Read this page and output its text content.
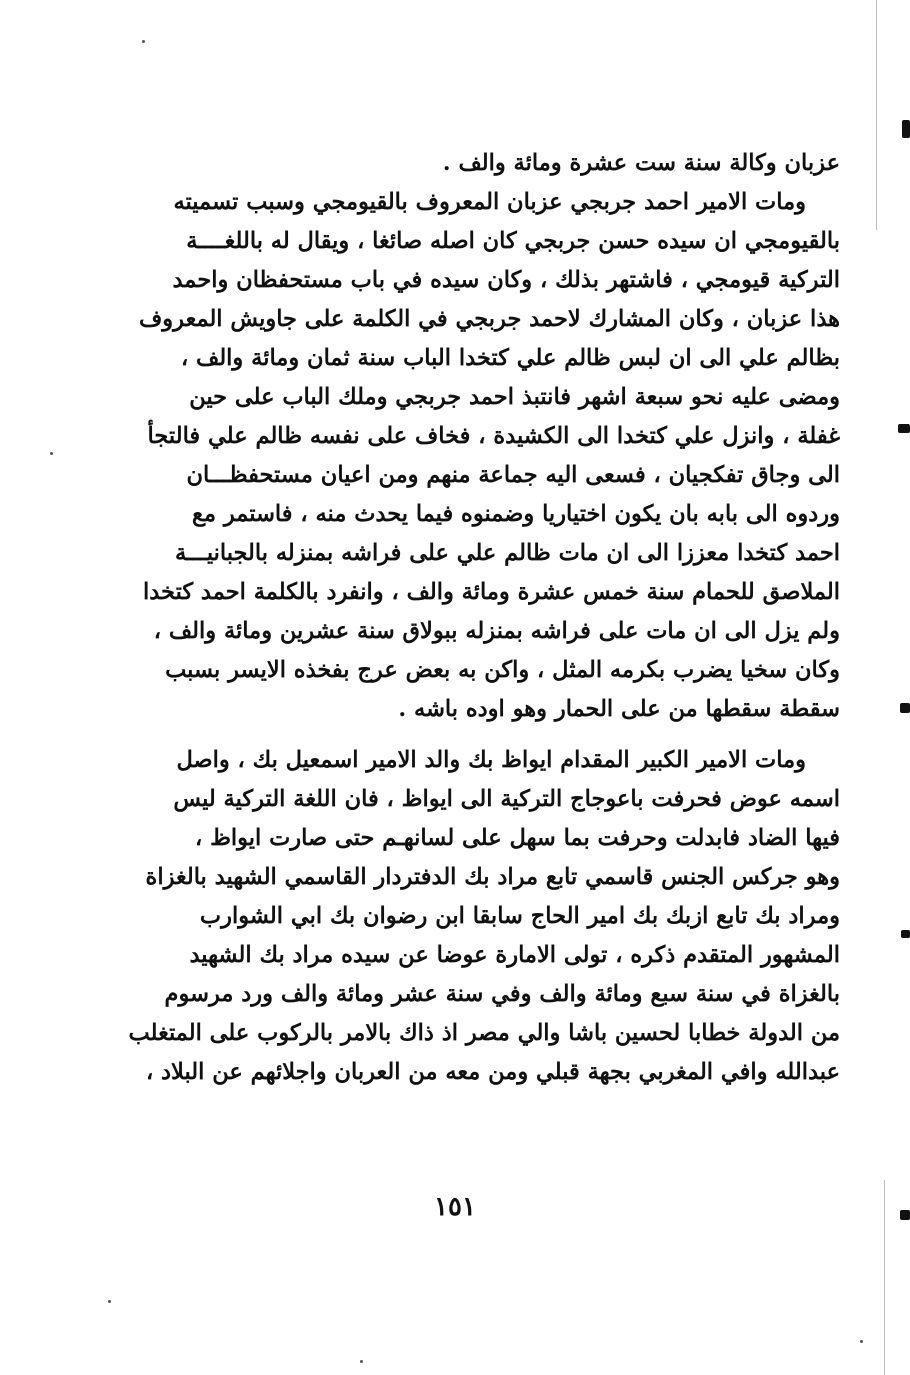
عزبان وكالة سنة ست عشرة ومائة والف .
ومات الامير احمد جربجي عزبان المعروف بالقيومجي وسبب تسميته
بالقيومجي ان سيده حسن جربجي كان اصله صائغا ، ويقال له باللغــــة
التركية قيومجي ، فاشتهر بذلك ، وكان سيده في باب مستحفظان واحمد
هذا عزبان ، وكان المشارك لاحمد جربجي في الكلمة على جاويش المعروف
بظالم علي الى ان لبس ظالم علي كتخدا الباب سنة ثمان ومائة والف ،
ومضى عليه نحو سبعة اشهر فانتبذ احمد جربجي وملك الباب على حين
غفلة ، وانزل علي كتخدا الى الكشيدة ، فخاف على نفسه ظالم علي فالتجأ
الى وجاق تفكجيان ، فسعى اليه جماعة منهم ومن اعيان مستحفظـــان
وردوه الى بابه بان يكون اختياريا وضمنوه فيما يحدث منه ، فاستمر مع
احمد كتخدا معززا الى ان مات ظالم علي على فراشه بمنزله بالجبانيـــة
الملاصق للحمام سنة خمس عشرة ومائة والف ، وانفرد بالكلمة احمد كتخدا
ولم يزل الى ان مات على فراشه بمنزله ببولاق سنة عشرين ومائة والف ،
وكان سخيا يضرب بكرمه المثل ، واكن به بعض عرج بفخذه الايسر بسبب
سقطة سقطها من على الحمار وهو اوده باشه .
ومات الامير الكبير المقدام ايواظ بك والد الامير اسمعيل بك ، واصل
اسمه عوض فحرفت باعوجاج التركية الى ايواظ ، فان اللغة التركية ليس
فيها الضاد فابدلت وحرفت بما سهل على لسانهـم حتى صارت ايواظ ،
وهو جركس الجنس قاسمي تابع مراد بك الدفتردار القاسمي الشهيد بالغزاة
ومراد بك تابع ازبك بك امير الحاج سابقا ابن رضوان بك ابي الشوارب
المشهور المتقدم ذكره ، تولى الامارة عوضا عن سيده مراد بك الشهيد
بالغزاة في سنة سبع ومائة والف وفي سنة عشر ومائة والف ورد مرسوم
من الدولة خطابا لحسين باشا والي مصر اذ ذاك بالامر بالركوب على المتغلب
عبدالله وافي المغربي بجهة قبلي ومن معه من العربان واجلائهم عن البلاد ،
١٥١
